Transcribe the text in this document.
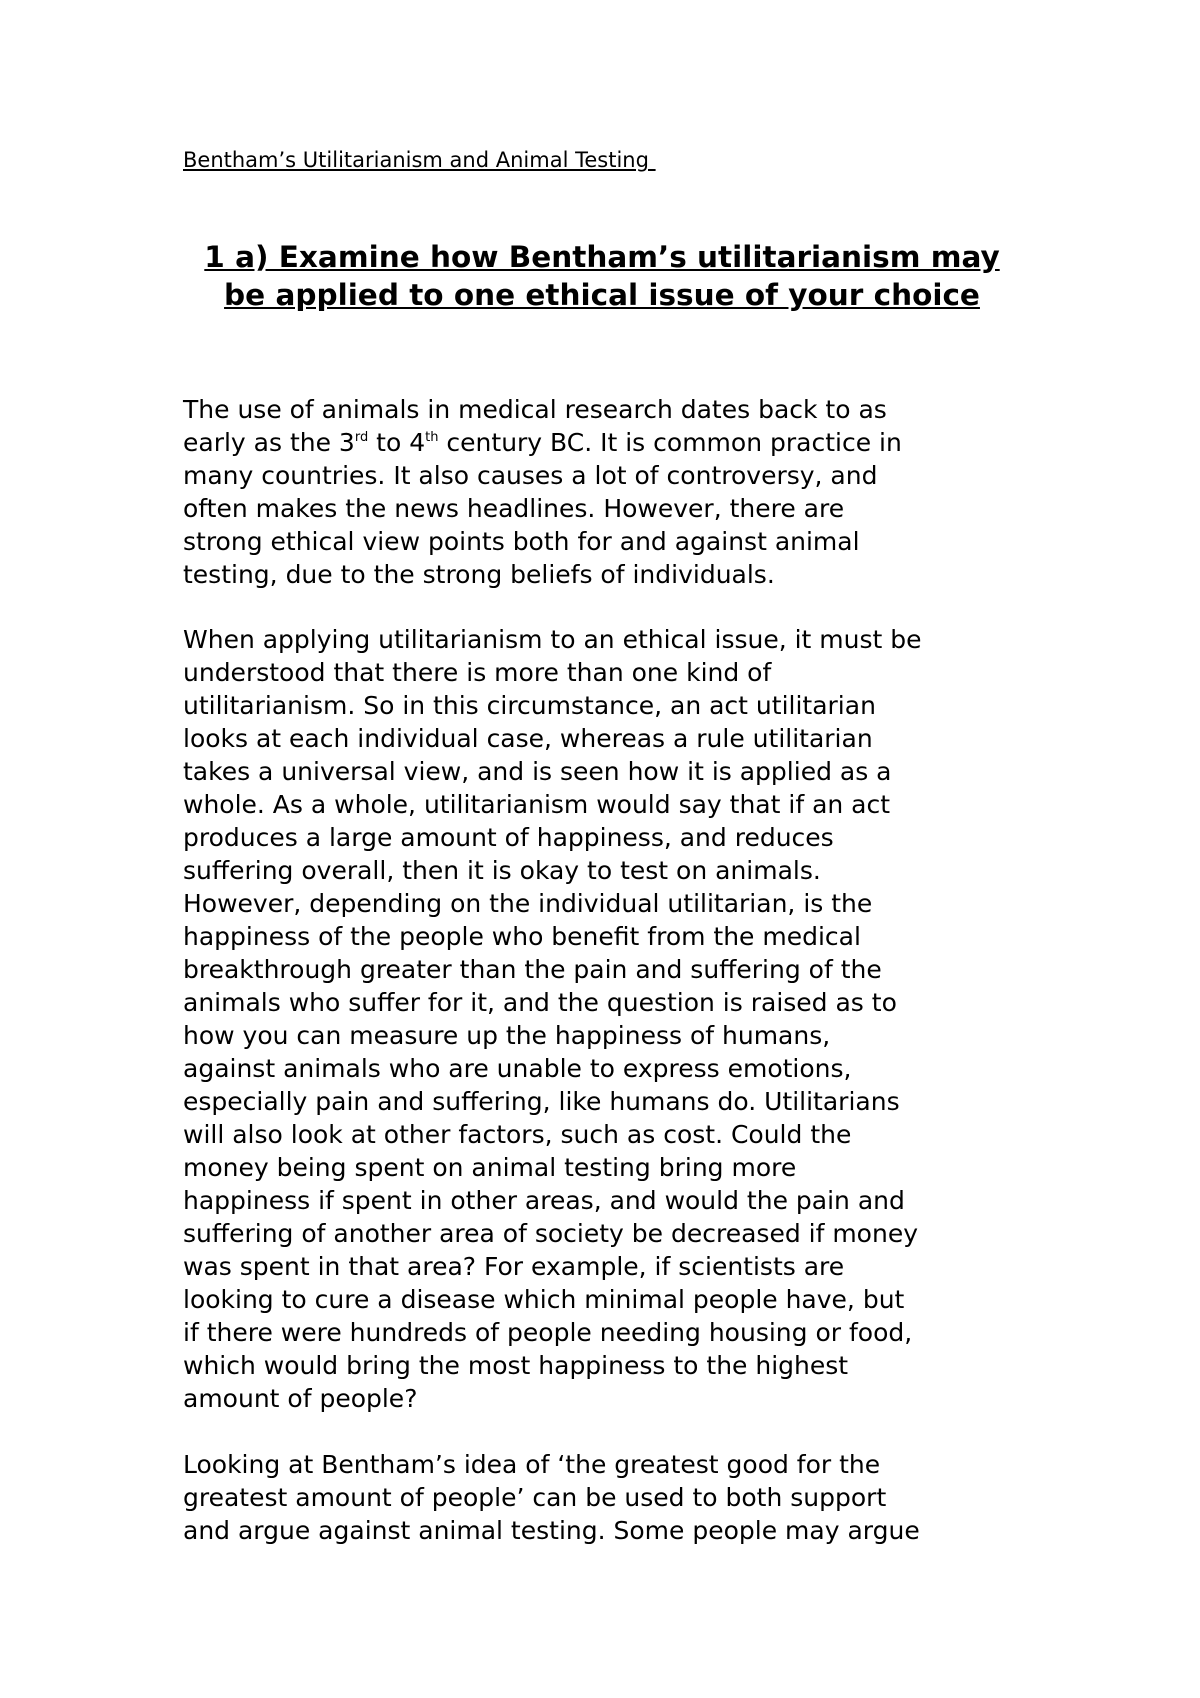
Bentham’s Utilitarianism and Animal Testing
1 a) Examine how Bentham’s utilitarianism may be applied to one ethical issue of your choice
The use of animals in medical research dates back to as
early as the 3rd to 4th century BC. It is common practice in
many countries. It also causes a lot of controversy, and
often makes the news headlines. However, there are
strong ethical view points both for and against animal
testing, due to the strong beliefs of individuals.
When applying utilitarianism to an ethical issue, it must be
understood that there is more than one kind of
utilitarianism. So in this circumstance, an act utilitarian
looks at each individual case, whereas a rule utilitarian
takes a universal view, and is seen how it is applied as a
whole. As a whole, utilitarianism would say that if an act
produces a large amount of happiness, and reduces
suffering overall, then it is okay to test on animals.
However, depending on the individual utilitarian, is the
happiness of the people who benefit from the medical
breakthrough greater than the pain and suffering of the
animals who suffer for it, and the question is raised as to
how you can measure up the happiness of humans,
against animals who are unable to express emotions,
especially pain and suffering, like humans do. Utilitarians
will also look at other factors, such as cost. Could the
money being spent on animal testing bring more
happiness if spent in other areas, and would the pain and
suffering of another area of society be decreased if money
was spent in that area? For example, if scientists are
looking to cure a disease which minimal people have, but
if there were hundreds of people needing housing or food,
which would bring the most happiness to the highest
amount of people?
Looking at Bentham’s idea of ‘the greatest good for the
greatest amount of people’ can be used to both support
and argue against animal testing. Some people may argue
